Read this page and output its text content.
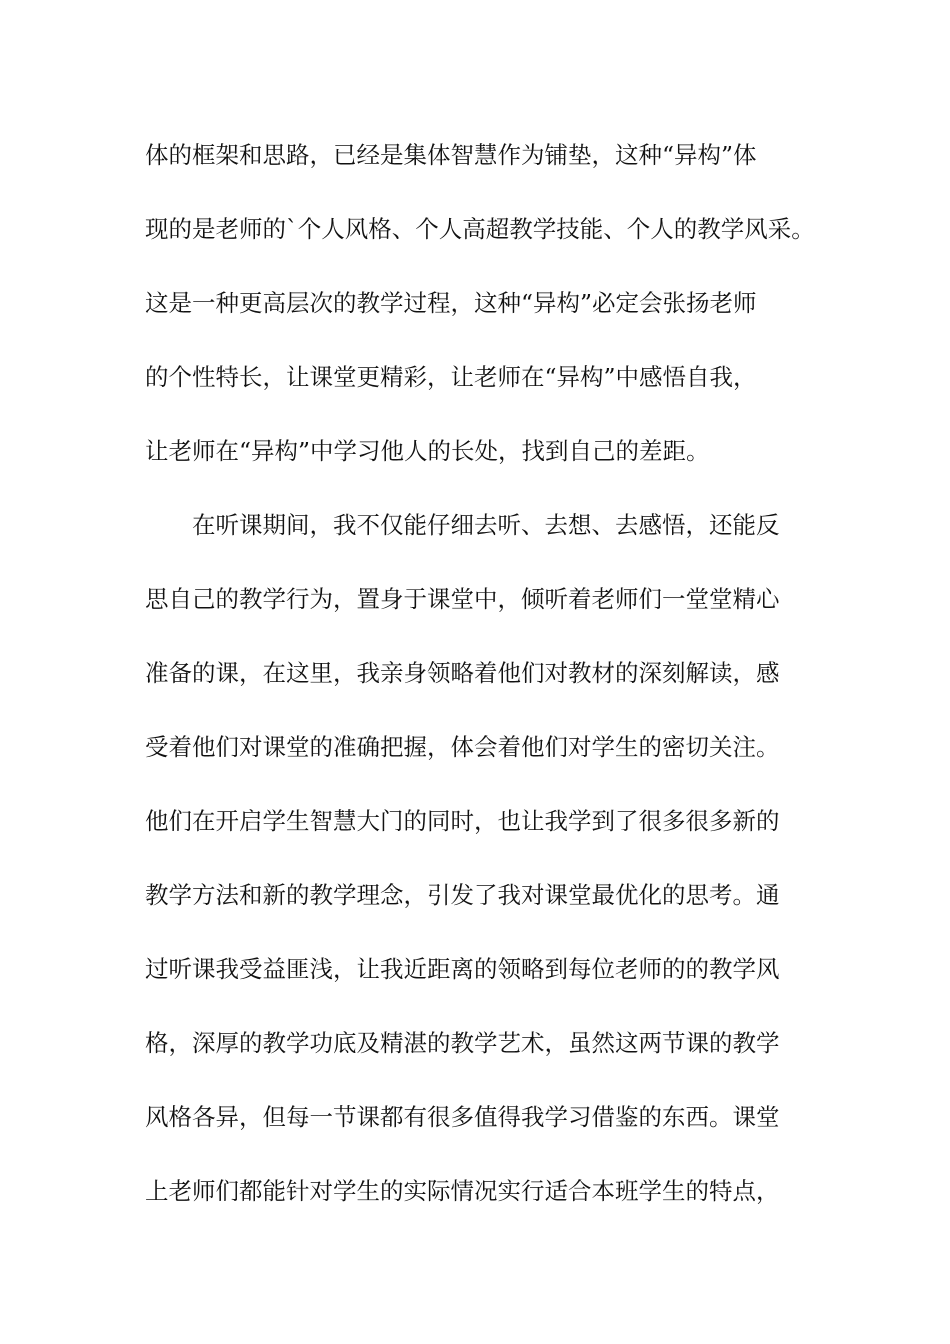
体的框架和思路，已经是集体智慧作为铺垫，这种“异构”体
现的是老师的`个人风格、个人高超教学技能、个人的教学风采。
这是一种更高层次的教学过程，这种“异构”必定会张扬老师
的个性特长，让课堂更精彩，让老师在“异构”中感悟自我，
让老师在“异构”中学习他人的长处，找到自己的差距。
在听课期间，我不仅能仔细去听、去想、去感悟，还能反
思自己的教学行为，置身于课堂中，倾听着老师们一堂堂精心
准备的课，在这里，我亲身领略着他们对教材的深刻解读，感
受着他们对课堂的准确把握，体会着他们对学生的密切关注。
他们在开启学生智慧大门的同时，也让我学到了很多很多新的
教学方法和新的教学理念，引发了我对课堂最优化的思考。通
过听课我受益匪浅，让我近距离的领略到每位老师的的教学风
格，深厚的教学功底及精湛的教学艺术，虽然这两节课的教学
风格各异，但每一节课都有很多值得我学习借鉴的东西。课堂
上老师们都能针对学生的实际情况实行适合本班学生的特点，
